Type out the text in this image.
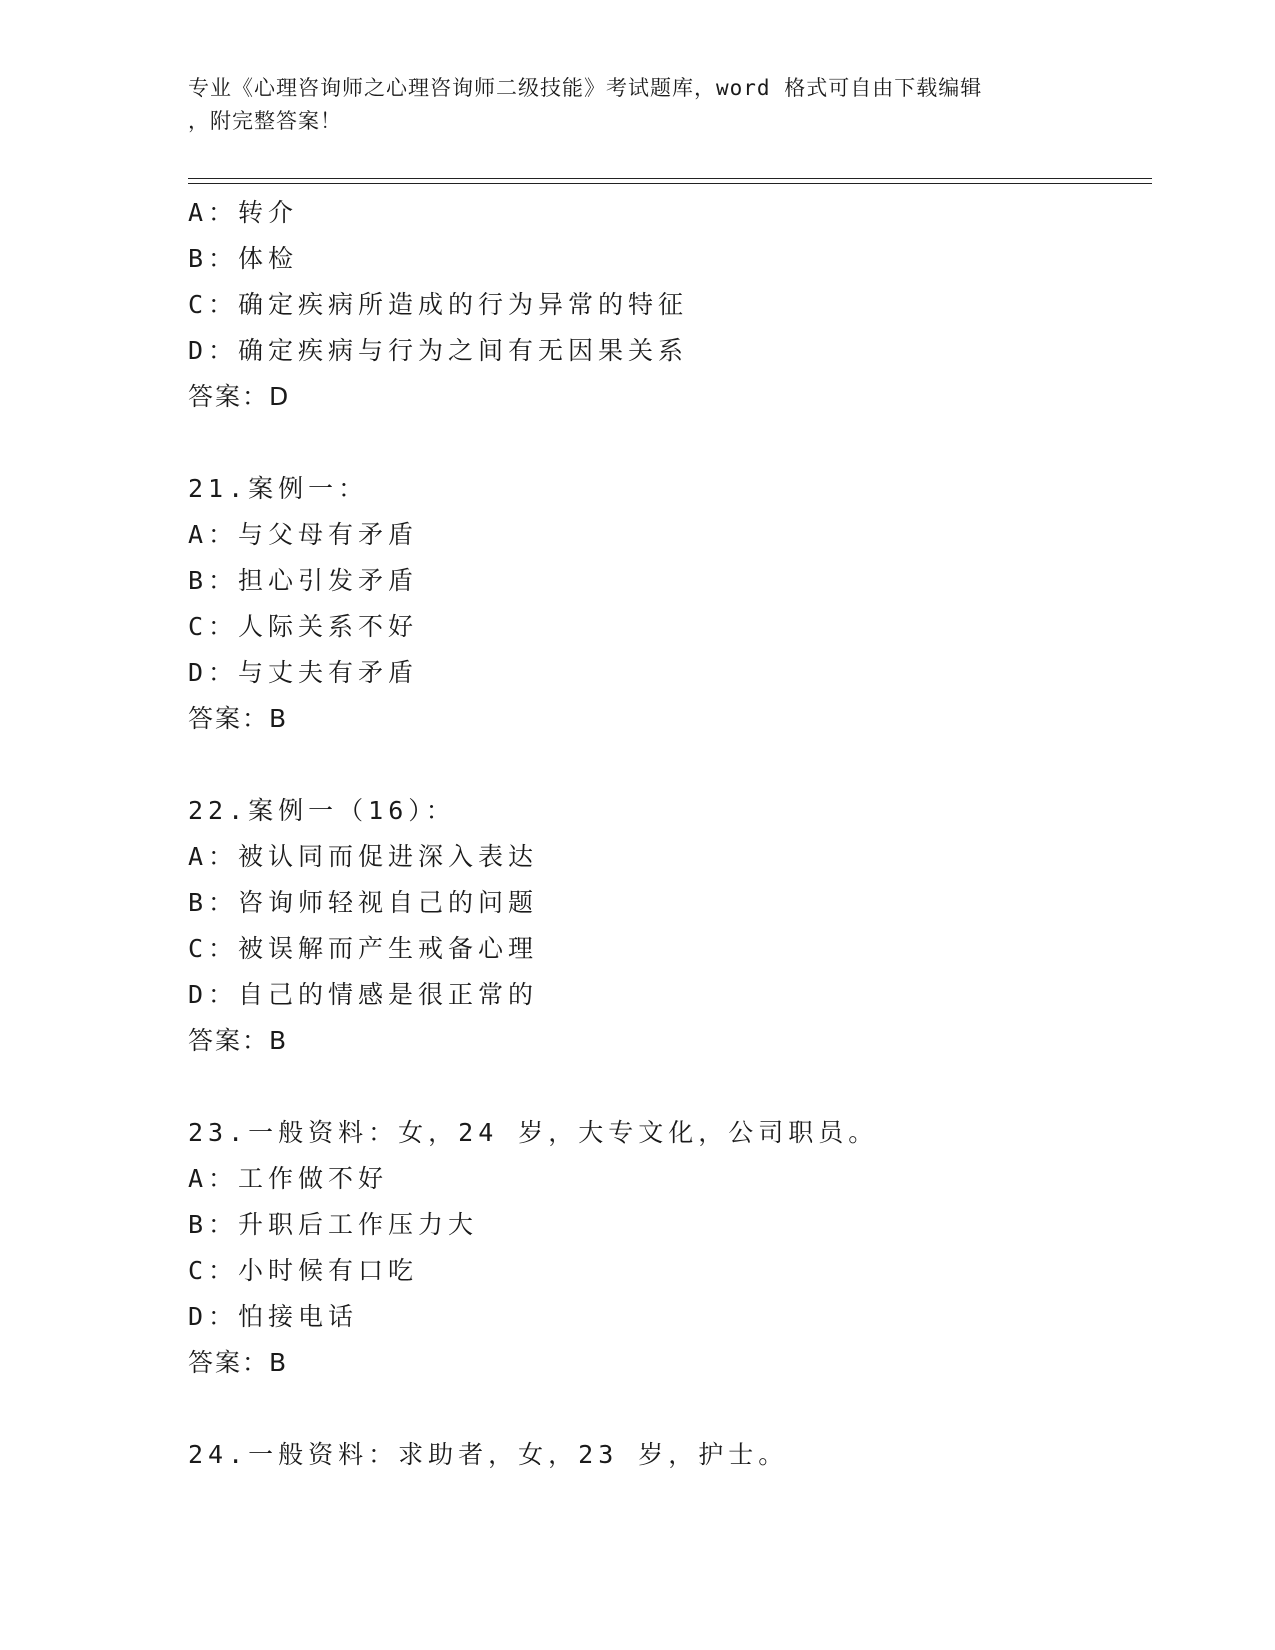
专业《心理咨询师之心理咨询师二级技能》考试题库，word 格式可自由下载编辑
，附完整答案！
A：转介
B：体检
C：确定疾病所造成的行为异常的特征
D：确定疾病与行为之间有无因果关系
答案：D
21.案例一：
A：与父母有矛盾
B：担心引发矛盾
C：人际关系不好
D：与丈夫有矛盾
答案：B
22.案例一（16）：
A：被认同而促进深入表达
B：咨询师轻视自己的问题
C：被误解而产生戒备心理
D：自己的情感是很正常的
答案：B
23.一般资料：女，24 岁，大专文化，公司职员。
A：工作做不好
B：升职后工作压力大
C：小时候有口吃
D：怕接电话
答案：B
24.一般资料：求助者，女，23 岁，护士。
